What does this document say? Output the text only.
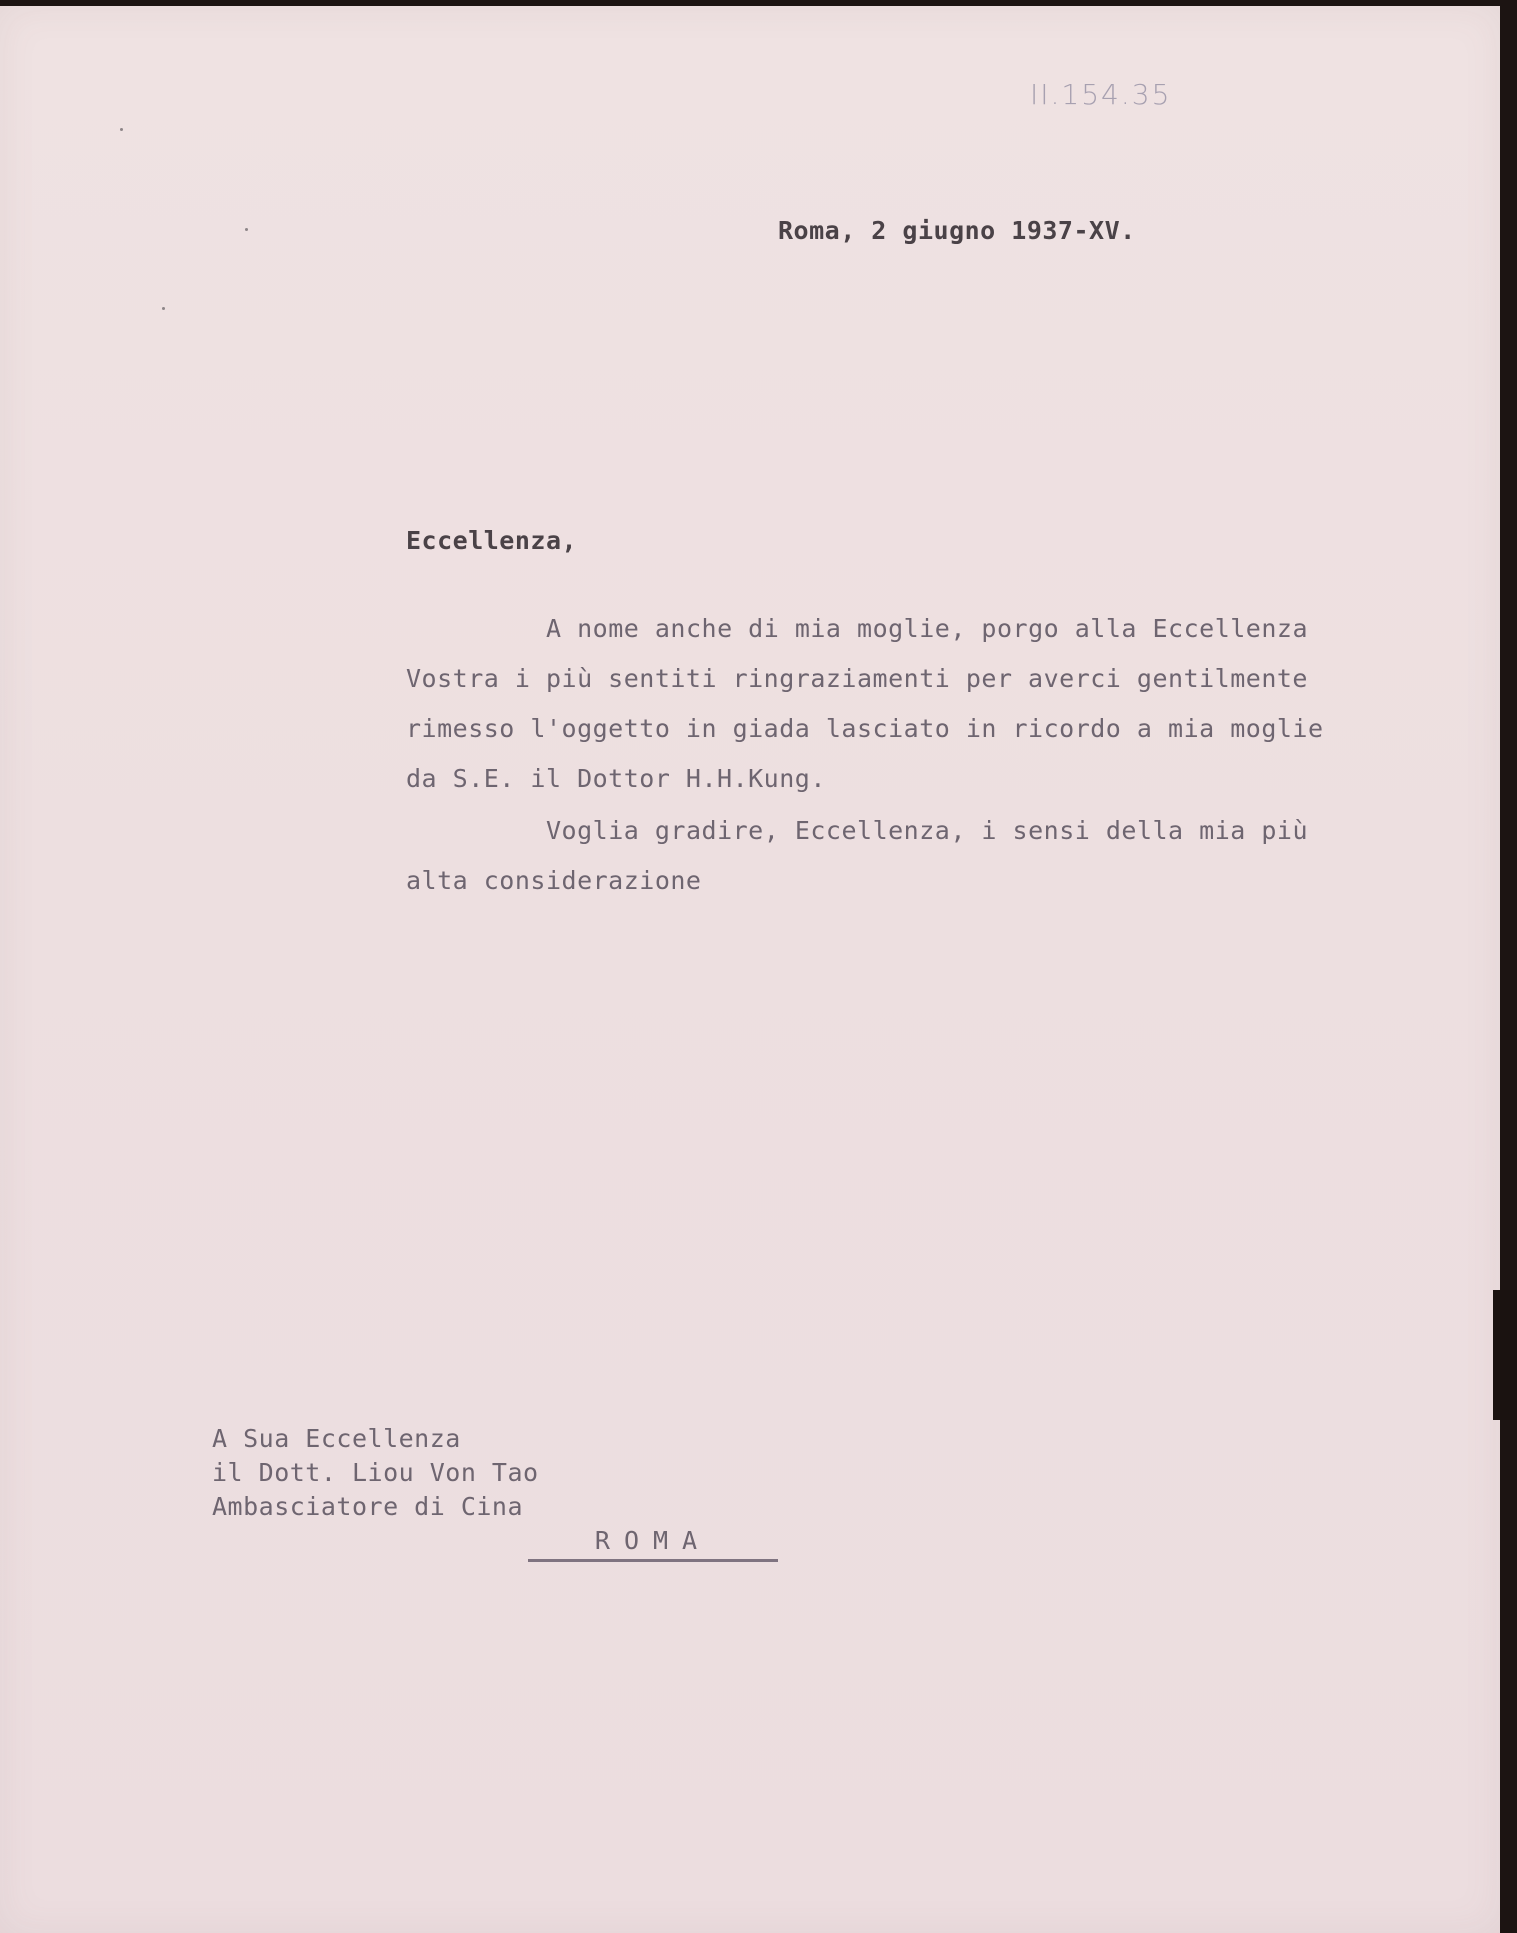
II.154.35

Roma, 2 giugno 1937-XV.

Eccellenza,

A nome anche di mia moglie, porgo alla Eccellenza

Vostra i più sentiti ringraziamenti per averci gentilmente

rimesso l'oggetto in giada lasciato in ricordo a mia moglie

da S.E. il Dottor H.H.Kung.

Voglia gradire, Eccellenza, i sensi della mia più

alta considerazione

A Sua Eccellenza

il Dott. Liou Von Tao

Ambasciatore di Cina

ROMA
